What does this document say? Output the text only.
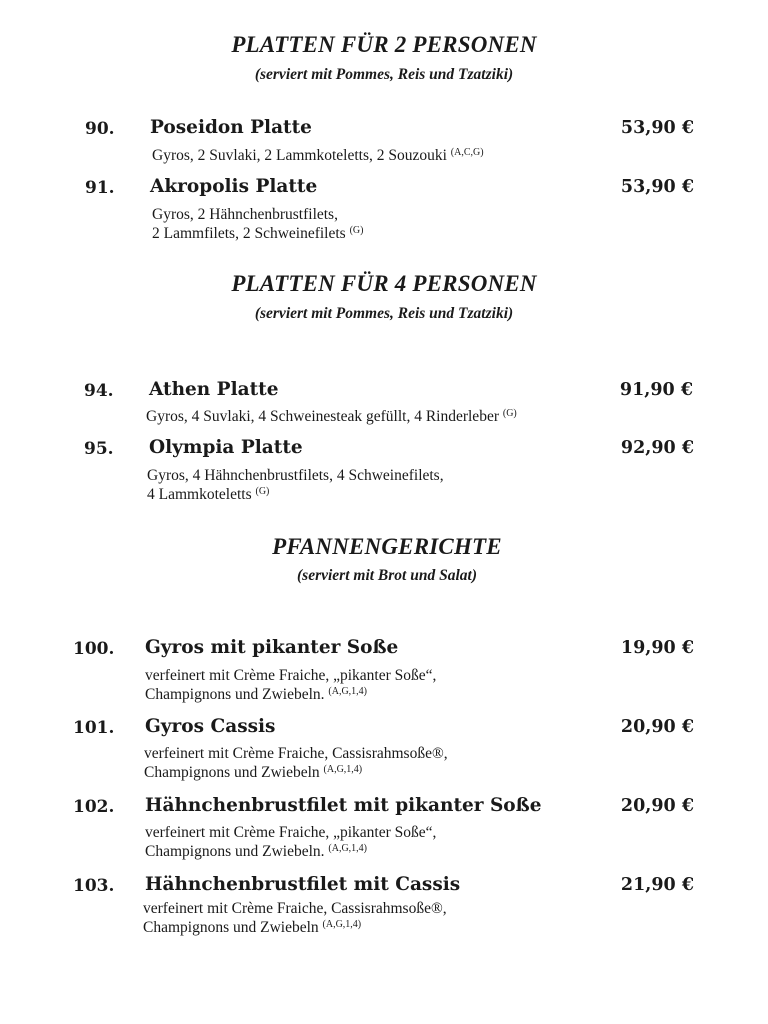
PLATTEN FÜR 2 PERSONEN
(serviert mit Pommes, Reis und Tzatziki)
90. Poseidon Platte	53,90 €
Gyros, 2 Suvlaki, 2 Lammkoteletts, 2 Souzouki $^{(A,C,G)}$
91. Akropolis Platte	53,90 €
Gyros, 2 Hähnchenbrustfilets,
2 Lammfilets, 2 Schweinefilets $^{(G)}$
PLATTEN FÜR 4 PERSONEN
(serviert mit Pommes, Reis und Tzatziki)
94. Athen Platte	91,90 €
Gyros, 4 Suvlaki, 4 Schweinesteak gefüllt, 4 Rinderleber $^{(G)}$
95. Olympia Platte	92,90 €
Gyros, 4 Hähnchenbrustfilets, 4 Schweinefilets,
4 Lammkoteletts $^{(G)}$
PFANNENGERICHTE
(serviert mit Brot und Salat)
100. Gyros mit pikanter Soße	19,90 €
verfeinert mit Crème Fraiche, „pikanter Soße“,
Champignons und Zwiebeln. $^{(A,G,1,4)}$
101. Gyros Cassis	20,90 €
verfeinert mit Crème Fraiche, Cassisrahmsoße®,
Champignons und Zwiebeln $^{(A,G,1,4)}$
102. Hähnchenbrustfilet mit pikanter Soße	20,90 €
verfeinert mit Crème Fraiche, „pikanter Soße“,
Champignons und Zwiebeln. $^{(A,G,1,4)}$
103. Hähnchenbrustfilet mit Cassis	21,90 €
verfeinert mit Crème Fraiche, Cassisrahmsoße®,
Champignons und Zwiebeln $^{(A,G,1,4)}$
